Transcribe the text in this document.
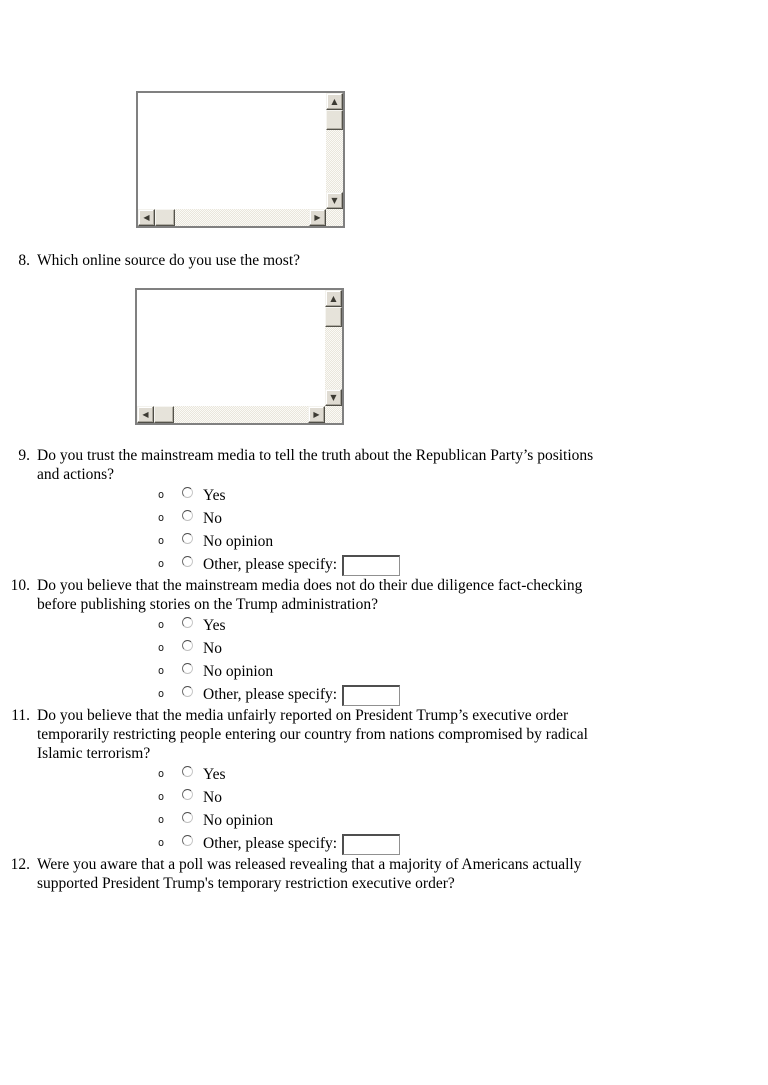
▲
▼
◀	▶
8. Which online source do you use the most?
▲
▼
◀	▶
9. Do you trust the mainstream media to tell the truth about the Republican Party’s positions
and actions?
o	Yes
o	No
o	No opinion
o	Other, please specify:
10. Do you believe that the mainstream media does not do their due diligence fact-checking
before publishing stories on the Trump administration?
o	Yes
o	No
o	No opinion
o	Other, please specify:
11. Do you believe that the media unfairly reported on President Trump’s executive order
temporarily restricting people entering our country from nations compromised by radical
Islamic terrorism?
o	Yes
o	No
o	No opinion
o	Other, please specify:
12. Were you aware that a poll was released revealing that a majority of Americans actually
supported President Trump's temporary restriction executive order?
